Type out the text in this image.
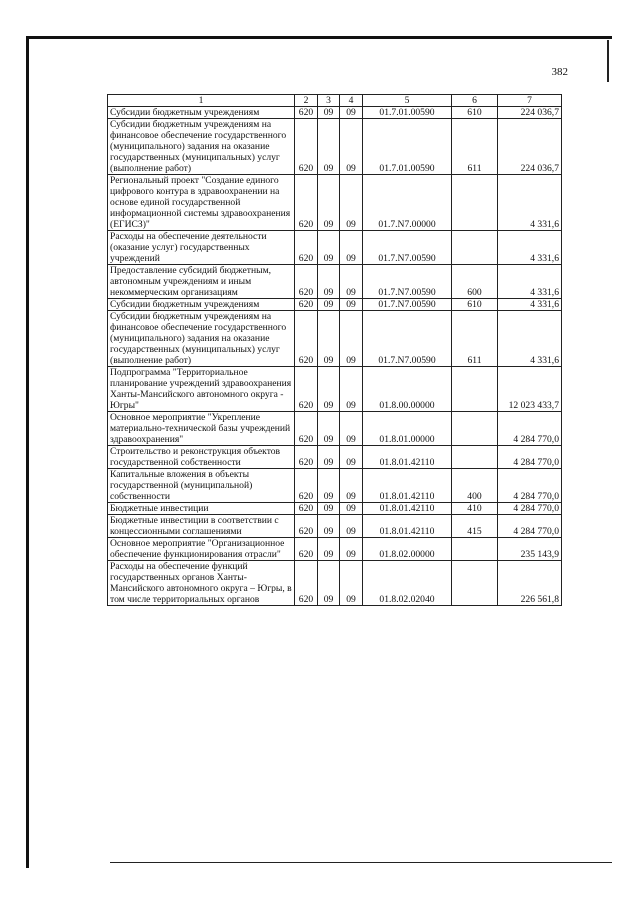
382
1	2	3	4	5	6	7
Субсидии бюджетным учреждениям	620	09	09	01.7.01.00590	610	224 036,7
Субсидии бюджетным учреждениям на финансовое обеспечение государственного (муниципального) задания на оказание государственных (муниципальных) услуг (выполнение работ)	620	09	09	01.7.01.00590	611	224 036,7
Региональный проект "Создание единого цифрового контура в здравоохранении на основе единой государственной информационной системы здравоохранения (ЕГИСЗ)"	620	09	09	01.7.N7.00000		4 331,6
Расходы на обеспечение деятельности (оказание услуг) государственных учреждений	620	09	09	01.7.N7.00590		4 331,6
Предоставление субсидий бюджетным, автономным учреждениям и иным некоммерческим организациям	620	09	09	01.7.N7.00590	600	4 331,6
Субсидии бюджетным учреждениям	620	09	09	01.7.N7.00590	610	4 331,6
Субсидии бюджетным учреждениям на финансовое обеспечение государственного (муниципального) задания на оказание государственных (муниципальных) услуг (выполнение работ)	620	09	09	01.7.N7.00590	611	4 331,6
Подпрограмма "Территориальное планирование учреждений здравоохранения Ханты-Мансийского автономного округа - Югры"	620	09	09	01.8.00.00000		12 023 433,7
Основное мероприятие "Укрепление материально-технической базы учреждений здравоохранения"	620	09	09	01.8.01.00000		4 284 770,0
Строительство и реконструкция объектов государственной собственности	620	09	09	01.8.01.42110		4 284 770,0
Капитальные вложения в объекты государственной (муниципальной) собственности	620	09	09	01.8.01.42110	400	4 284 770,0
Бюджетные инвестиции	620	09	09	01.8.01.42110	410	4 284 770,0
Бюджетные инвестиции в соответствии с концессионными соглашениями	620	09	09	01.8.01.42110	415	4 284 770,0
Основное мероприятие "Организационное обеспечение функционирования отрасли"	620	09	09	01.8.02.00000		235 143,9
Расходы на обеспечение функций государственных органов Ханты-Мансийского автономного округа – Югры, в том числе территориальных органов	620	09	09	01.8.02.02040		226 561,8
